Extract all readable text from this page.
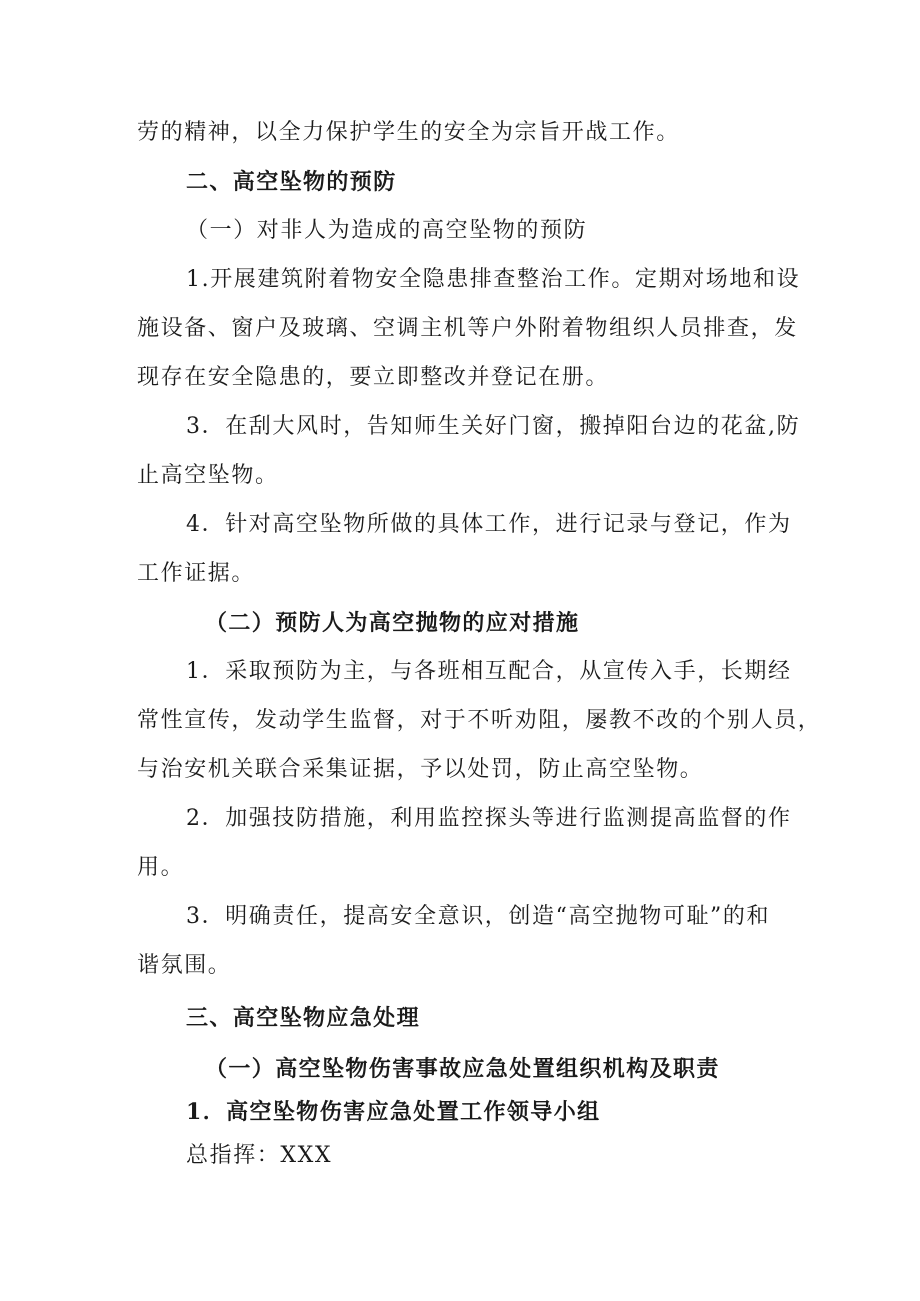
劳的精神，以全力保护学生的安全为宗旨开战工作。
二、高空坠物的预防
（一）对非人为造成的高空坠物的预防
1.开展建筑附着物安全隐患排查整治工作。定期对场地和设
施设备、窗户及玻璃、空调主机等户外附着物组织人员排查，发
现存在安全隐患的，要立即整改并登记在册。
3．在刮大风时，告知师生关好门窗，搬掉阳台边的花盆,防
止高空坠物。
4．针对高空坠物所做的具体工作，进行记录与登记，作为
工作证据。
（二）预防人为高空抛物的应对措施
1．采取预防为主，与各班相互配合，从宣传入手，长期经
常性宣传，发动学生监督，对于不听劝阻，屡教不改的个别人员，
与治安机关联合采集证据，予以处罚，防止高空坠物。
2．加强技防措施，利用监控探头等进行监测提高监督的作
用。
3．明确责任，提高安全意识，创造“高空抛物可耻”的和
谐氛围。
三、高空坠物应急处理
（一）高空坠物伤害事故应急处置组织机构及职责
1．高空坠物伤害应急处置工作领导小组
总指挥：XXX
